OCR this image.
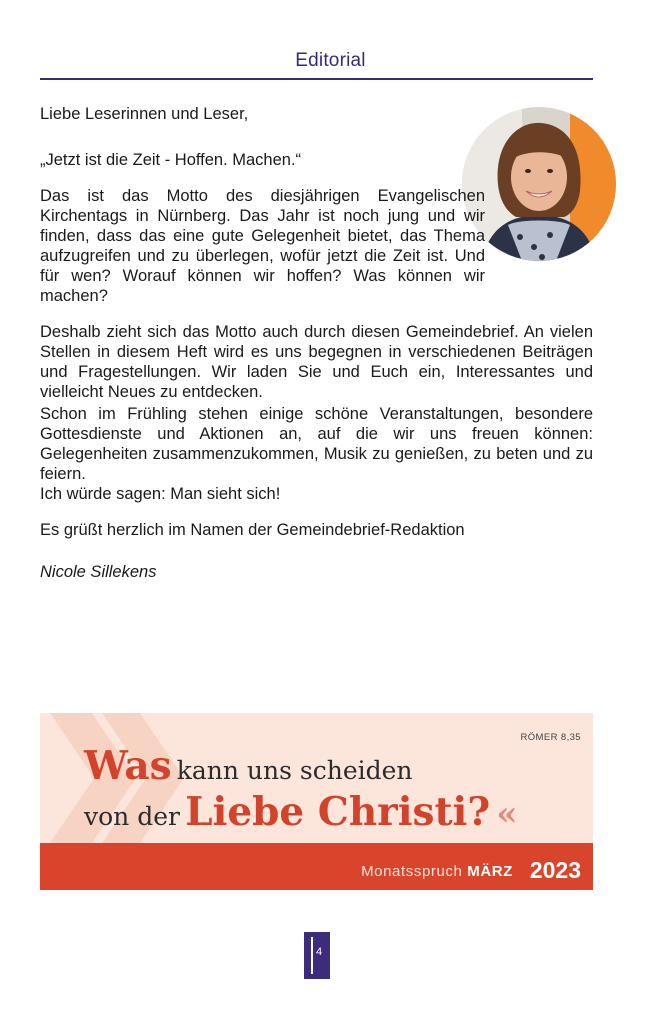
Editorial
Liebe Leserinnen und Leser,
„Jetzt ist die Zeit - Hoffen. Machen.“
Das ist das Motto des diesjährigen Evangelischen Kirchentags in Nürnberg. Das Jahr ist noch jung und wir finden, dass das eine gute Gelegenheit bietet, das Thema aufzugreifen und zu überlegen, wofür jetzt die Zeit ist. Und für wen? Worauf können wir hoffen? Was können wir machen?
Deshalb zieht sich das Motto auch durch diesen Gemeindebrief. An vielen Stellen in diesem Heft wird es uns begegnen in verschiedenen Beiträgen und Fragestellungen. Wir laden Sie und Euch ein, Interessantes und vielleicht Neues zu entdecken.
Schon im Frühling stehen einige schöne Veranstaltungen, besondere Gottesdienste und Aktionen an, auf die wir uns freuen können: Gelegenheiten zusammenzukommen, Musik zu genießen, zu beten und zu feiern.
Ich würde sagen: Man sieht sich!
Es grüßt herzlich im Namen der Gemeindebrief-Redaktion
Nicole Sillekens
RÖMER 8,35
Was kann uns scheiden
von der Liebe Christi? «
Monatsspruch MÄRZ 2023
4
